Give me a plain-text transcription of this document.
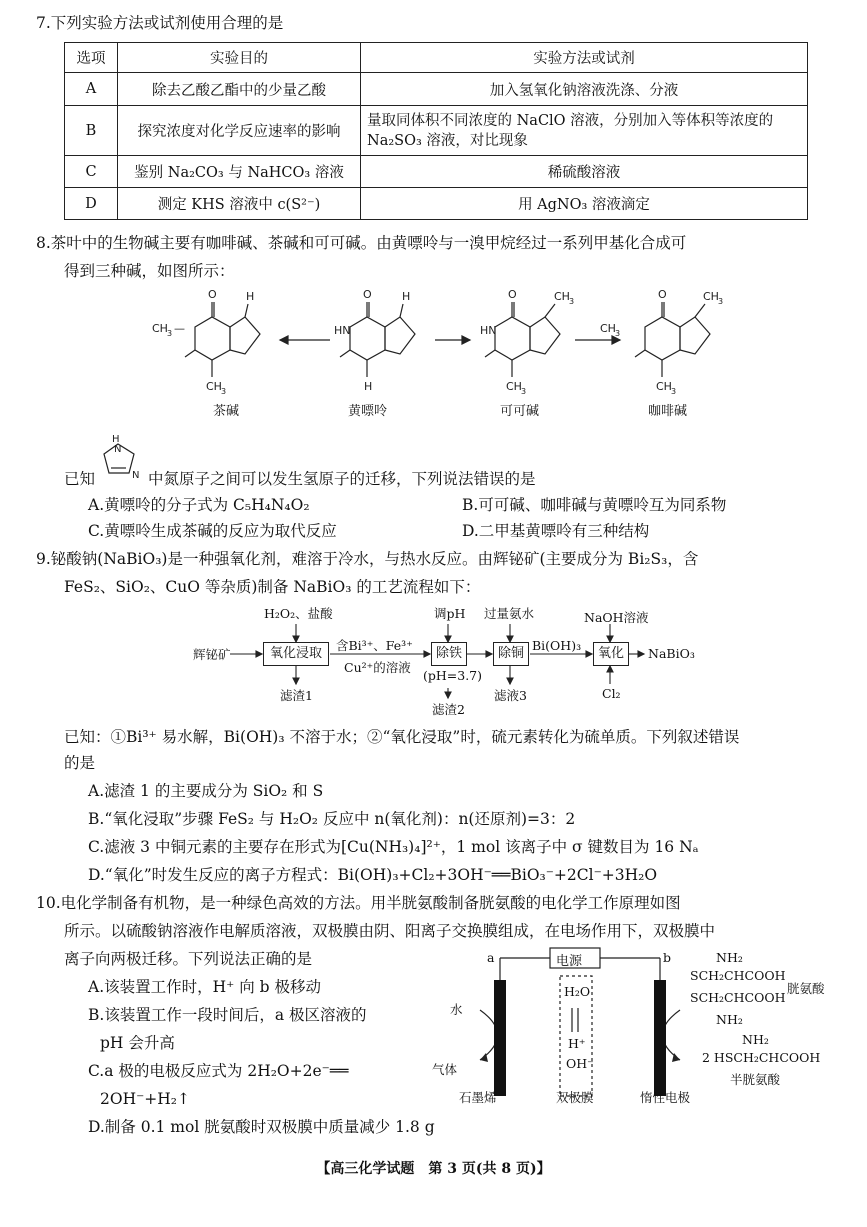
7.下列实验方法或试剂使用合理的是
选项	实验目的	实验方法或试剂
A	除去乙酸乙酯中的少量乙酸	加入氢氧化钠溶液洗涤、分液
B	探究浓度对化学反应速率的影响	量取同体积不同浓度的 NaClO 溶液，分别加入等体积等浓度的 Na₂SO₃ 溶液，对比现象
C	鉴别 Na₂CO₃ 与 NaHCO₃ 溶液	稀硫酸溶液
D	测定 KHS 溶液中 c(S²⁻)	用 AgNO₃ 溶液滴定
8.茶叶中的生物碱主要有咖啡碱、茶碱和可可碱。由黄嘌呤与一溴甲烷经过一系列甲基化合成可
得到三种碱，如图所示：
O	H
CH 3 —
CH 3
O	H
HN
H
O	CH 3
HN
CH 3
O	CH 3
CH 3
CH 3
茶碱	黄嘌呤	可可碱	咖啡碱
已知
H
N
N 中氮原子之间可以发生氢原子的迁移，下列说法错误的是
A.黄嘌呤的分子式为 C₅H₄N₄O₂	B.可可碱、咖啡碱与黄嘌呤互为同系物
C.黄嘌呤生成茶碱的反应为取代反应	D.二甲基黄嘌呤有三种结构
9.铋酸钠(NaBiO₃)是一种强氧化剂，难溶于冷水，与热水反应。由辉铋矿(主要成分为 Bi₂S₃，含
FeS₂、SiO₂、CuO 等杂质)制备 NaBiO₃ 的工艺流程如下：
辉铋矿	氧化浸取	除铁	除铜	氧化
H₂O₂、盐酸	调pH 过量氨水	NaOH溶液
含Bi³⁺、Fe³⁺
Cu²⁺的溶液
Bi(OH)₃
NaBiO₃
(pH=3.7)
滤渣1
滤渣2
滤液3	Cl₂
已知：①Bi³⁺ 易水解，Bi(OH)₃ 不溶于水；②“氧化浸取”时，硫元素转化为硫单质。下列叙述错误
的是
A.滤渣 1 的主要成分为 SiO₂ 和 S
B.“氧化浸取”步骤 FeS₂ 与 H₂O₂ 反应中 n(氧化剂)：n(还原剂)=3：2
C.滤液 3 中铜元素的主要存在形式为[Cu(NH₃)₄]²⁺，1 mol 该离子中 σ 键数目为 16 Nₐ
D.“氧化”时发生反应的离子方程式：Bi(OH)₃+Cl₂+3OH⁻══BiO₃⁻+2Cl⁻+3H₂O
10.电化学制备有机物，是一种绿色高效的方法。用半胱氨酸制备胱氨酸的电化学工作原理如图
所示。以硫酸钠溶液作电解质溶液，双极膜由阴、阳离子交换膜组成，在电场作用下，双极膜中
离子向两极迁移。下列说法正确的是
A.该装置工作时，H⁺ 向 b 极移动
B.该装置工作一段时间后，a 极区溶液的
pH 会升高
C.a 极的电极反应式为 2H₂O+2e⁻══
2OH⁻+H₂↑
D.制备 0.1 mol 胱氨酸时双极膜中质量减少 1.8 g
a	b
电源
水
气体
H₂O
H⁺
OH⁻
石墨烯	双极膜	惰性电极
NH₂
SCH₂CHCOOH
SCH₂CHCOOH
胱氨酸
NH₂
NH₂
2 HSCH₂CHCOOH
半胱氨酸
【高三化学试题　第 3 页(共 8 页)】
